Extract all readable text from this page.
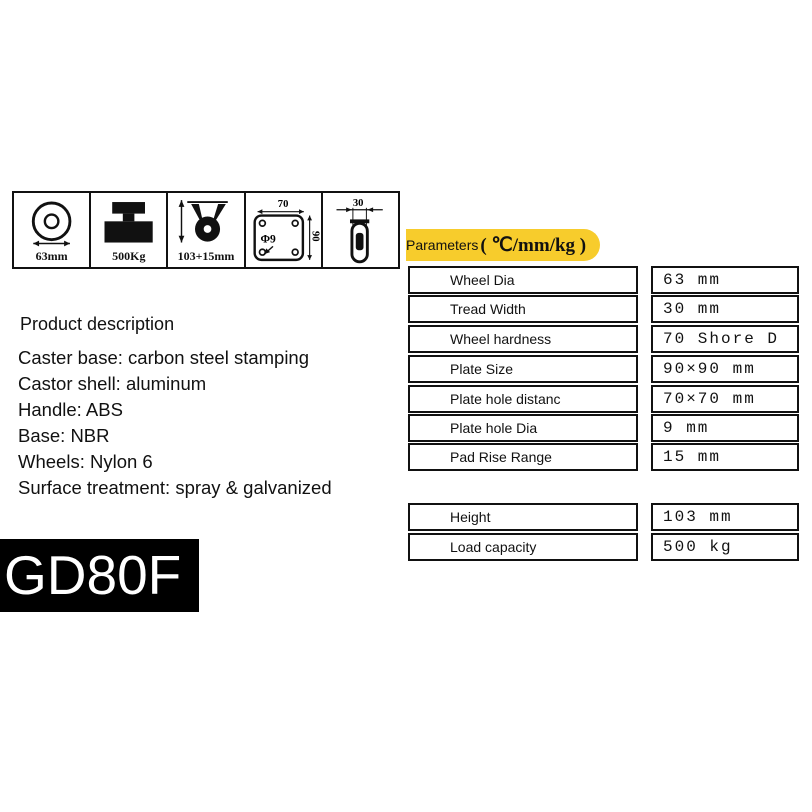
63mm	500Kg	103+15mm
70
Φ9	90
30
Parameters ( ℃/mm/kg )
Wheel Dia	63 mm
Tread Width	30 mm
Wheel hardness	70 Shore D
Plate Size	90×90 mm
Plate hole distanc	70×70 mm
Plate hole Dia	9 mm
Pad Rise Range	15 mm
Height	103 mm
Load capacity	500 kg
Product description
Caster base: carbon steel stamping
Castor shell: aluminum
Handle: ABS
Base: NBR
Wheels: Nylon 6
Surface treatment: spray & galvanized
GD80F
